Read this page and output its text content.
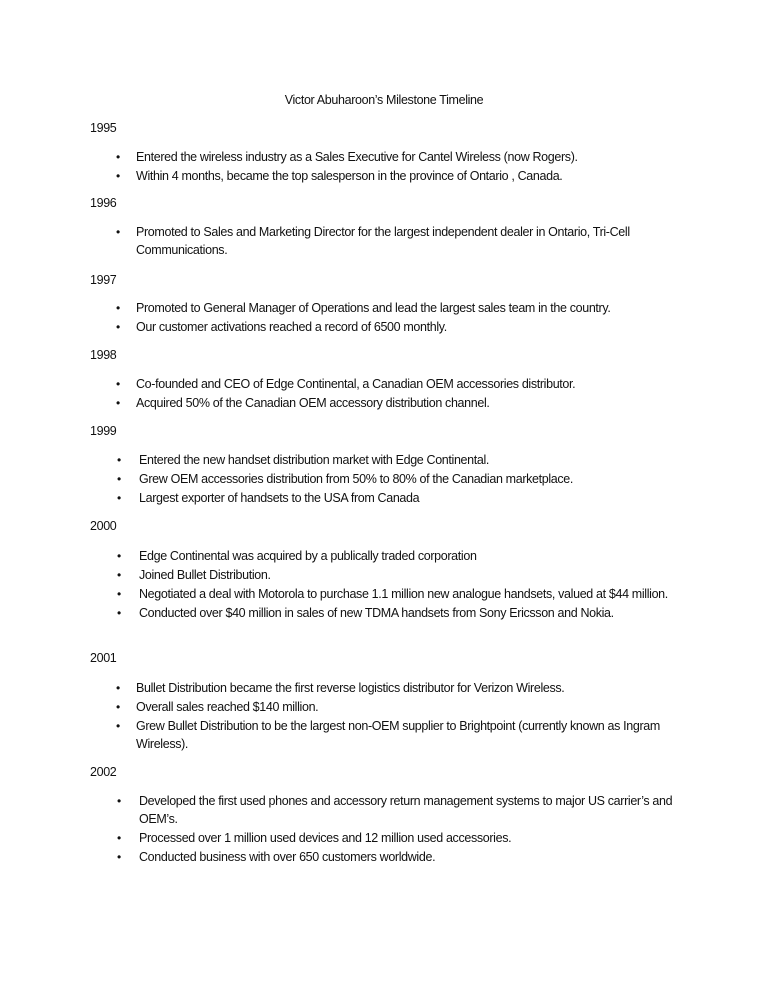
Victor Abuharoon’s Milestone Timeline
1995
• Entered the wireless industry as a Sales Executive for Cantel Wireless (now Rogers).
• Within 4 months, became the top salesperson in the province of Ontario , Canada.
1996
• Promoted to Sales and Marketing Director for the largest independent dealer in Ontario, Tri-Cell Communications.
1997
• Promoted to General Manager of Operations and lead the largest sales team in the country.
• Our customer activations reached a record of 6500 monthly.
1998
• Co-founded and CEO of Edge Continental, a Canadian OEM accessories distributor.
• Acquired 50% of the Canadian OEM accessory distribution channel.
1999
• Entered the new handset distribution market with Edge Continental.
• Grew OEM accessories distribution from 50% to 80% of the Canadian marketplace.
• Largest exporter of handsets to the USA from Canada
2000
• Edge Continental was acquired by a publically traded corporation
• Joined Bullet Distribution.
• Negotiated a deal with Motorola to purchase 1.1 million new analogue handsets, valued at $44 million.
• Conducted over $40 million in sales of new TDMA handsets from Sony Ericsson and Nokia.
2001
• Bullet Distribution became the first reverse logistics distributor for Verizon Wireless.
• Overall sales reached $140 million.
• Grew Bullet Distribution to be the largest non-OEM supplier to Brightpoint (currently known as Ingram Wireless).
2002
• Developed the first used phones and accessory return management systems to major US carrier’s and OEM’s.
• Processed over 1 million used devices and 12 million used accessories.
• Conducted business with over 650 customers worldwide.
